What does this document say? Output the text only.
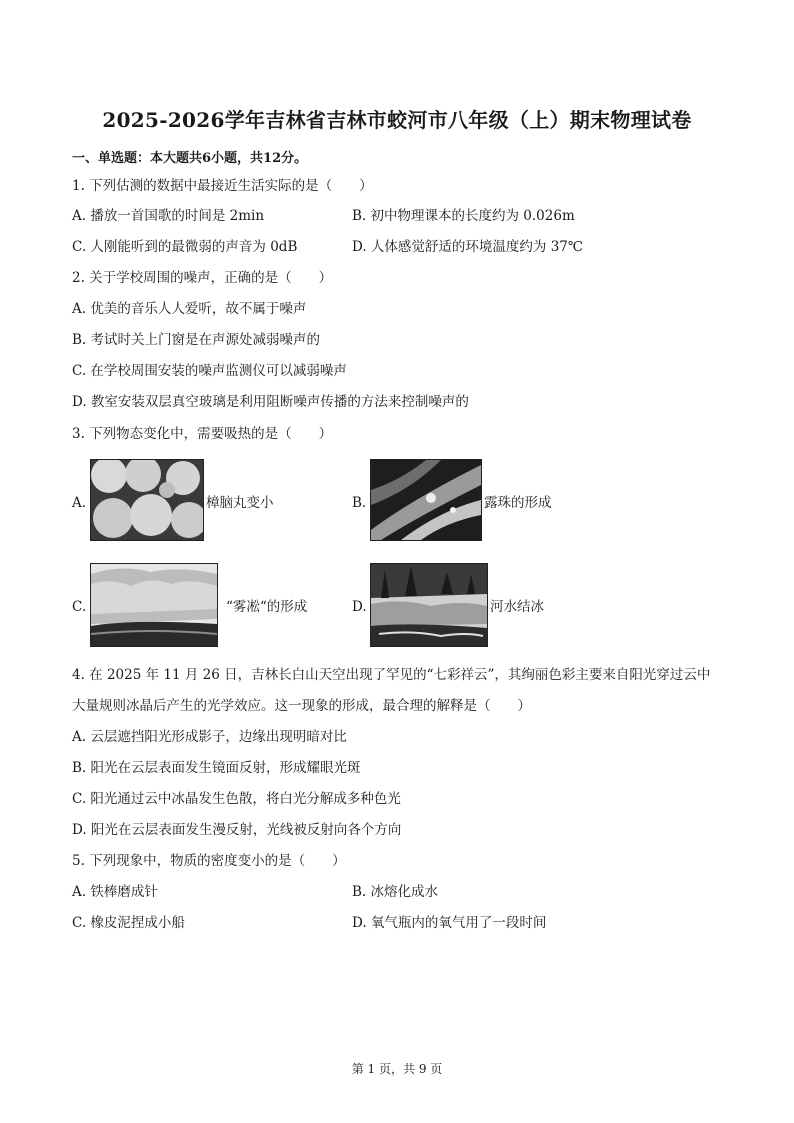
2025-2026学年吉林省吉林市蛟河市八年级（上）期末物理试卷
一、单选题：本大题共6小题，共12分。
1. 下列估测的数据中最接近生活实际的是（　　）
A. 播放一首国歌的时间是 2min	B. 初中物理课本的长度约为 0.026m
C. 人刚能听到的最微弱的声音为 0dB	D. 人体感觉舒适的环境温度约为 37℃
2. 关于学校周围的噪声，正确的是（　　）
A. 优美的音乐人人爱听，故不属于噪声
B. 考试时关上门窗是在声源处减弱噪声的
C. 在学校周围安装的噪声监测仪可以减弱噪声
D. 教室安装双层真空玻璃是利用阻断噪声传播的方法来控制噪声的
3. 下列物态变化中，需要吸热的是（　　）
A.	樟脑丸变小	B.	露珠的形成
C.	“雾凇“的形成	D.	河水结冰
4. 在 2025 年 11 月 26 日，吉林长白山天空出现了罕见的“七彩祥云”，其绚丽色彩主要来自阳光穿过云中
大量规则冰晶后产生的光学效应。这一现象的形成，最合理的解释是（　　）
A. 云层遮挡阳光形成影子，边缘出现明暗对比
B. 阳光在云层表面发生镜面反射，形成耀眼光斑
C. 阳光通过云中冰晶发生色散，将白光分解成多种色光
D. 阳光在云层表面发生漫反射，光线被反射向各个方向
5. 下列现象中，物质的密度变小的是（　　）
A. 铁棒磨成针	B. 冰熔化成水
C. 橡皮泥捏成小船	D. 氧气瓶内的氧气用了一段时间
第 1 页，共 9 页
